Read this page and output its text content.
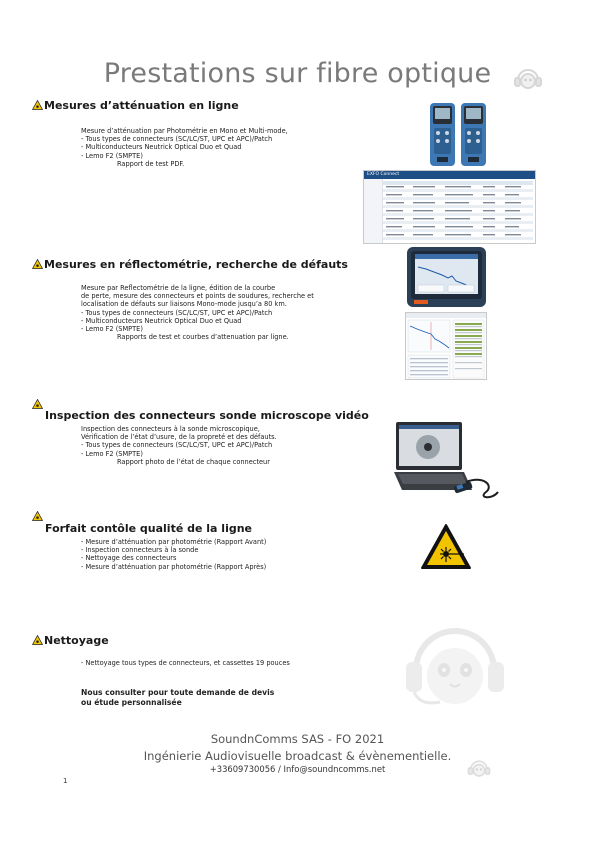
Prestations sur fibre optique
Mesures d’atténuation en ligne
Mesure d’atténuation par Photométrie en Mono et Multi-mode,
- Tous types de connecteurs (SC/LC/ST, UPC et APC)/Patch
- Multiconducteurs Neutrick Optical Duo et Quad
- Lemo F2 (SMPTE)
Rapport de test PDF.
EXFO Connect
Mesures en réflectométrie, recherche de défauts
Mesure par Reflectométrie de la ligne, édition de la courbe
de perte, mesure des connecteurs et points de soudures, recherche et
localisation de défauts sur liaisons Mono-mode jusqu’a 80 km.
- Tous types de connecteurs (SC/LC/ST, UPC et APC)/Patch
- Multiconducteurs Neutrick Optical Duo et Quad
- Lemo F2 (SMPTE)
Rapports de test et courbes d’attenuation par ligne.
Inspection des connecteurs sonde microscope vidéo
Inspection des connecteurs à la sonde microscopique,
Vérification de l’état d’usure, de la propreté et des défauts.
- Tous types de connecteurs (SC/LC/ST, UPC et APC)/Patch
- Lemo F2 (SMPTE)
Rapport photo de l’état de chaque connecteur
Forfait contôle qualité de la ligne
- Mesure d’atténuation par photométrie (Rapport Avant)
- Inspection connecteurs à la sonde
- Nettoyage des connecteurs
- Mesure d’atténuation par photométrie (Rapport Après)
Nettoyage
- Nettoyage tous types de connecteurs, et cassettes 19 pouces
Nous consulter pour toute demande de devis
ou étude personnalisée
SoundnComms SAS - FO 2021
Ingénierie Audiovisuelle broadcast & évènementielle.
+33609730056 / Info@soundncomms.net
1
